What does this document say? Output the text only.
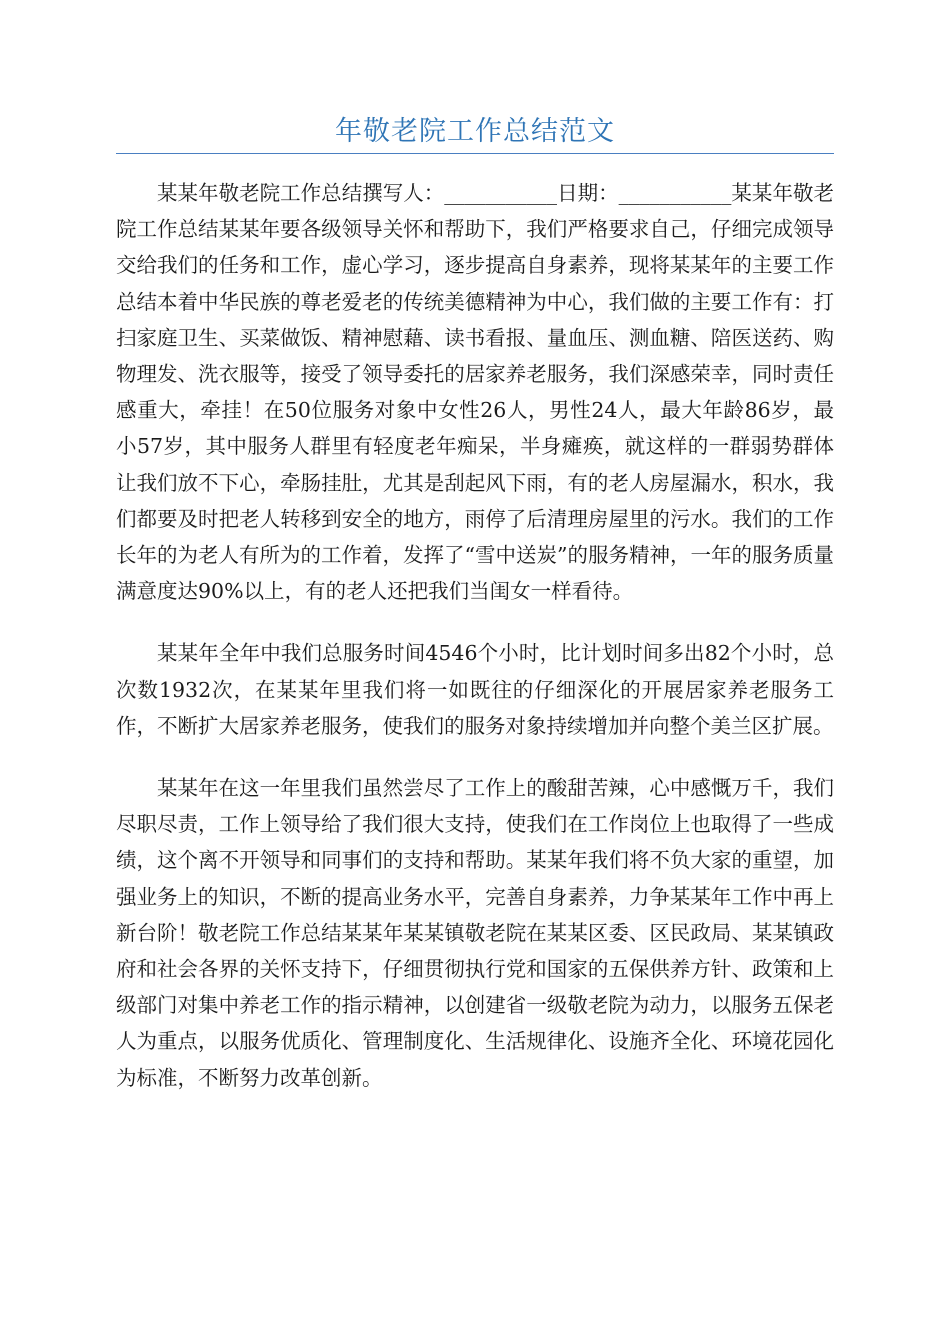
年敬老院工作总结范文

某某年敬老院工作总结撰写人：___________日期：___________某某年敬老院工作总结某某年要各级领导关怀和帮助下，我们严格要求自己，仔细完成领导交给我们的任务和工作，虚心学习，逐步提高自身素养，现将某某年的主要工作总结本着中华民族的尊老爱老的传统美德精神为中心，我们做的主要工作有：打扫家庭卫生、买菜做饭、精神慰藉、读书看报、量血压、测血糖、陪医送药、购物理发、洗衣服等，接受了领导委托的居家养老服务，我们深感荣幸，同时责任感重大，牵挂！在50位服务对象中女性26人，男性24人，最大年龄86岁，最小57岁，其中服务人群里有轻度老年痴呆，半身瘫痪，就这样的一群弱势群体让我们放不下心，牵肠挂肚，尤其是刮起风下雨，有的老人房屋漏水，积水，我们都要及时把老人转移到安全的地方，雨停了后清理房屋里的污水。我们的工作长年的为老人有所为的工作着，发挥了“雪中送炭”的服务精神，一年的服务质量满意度达90%以上，有的老人还把我们当闺女一样看待。

某某年全年中我们总服务时间4546个小时，比计划时间多出82个小时，总次数1932次，在某某年里我们将一如既往的仔细深化的开展居家养老服务工作，不断扩大居家养老服务，使我们的服务对象持续增加并向整个美兰区扩展。

某某年在这一年里我们虽然尝尽了工作上的酸甜苦辣，心中感慨万千，我们尽职尽责，工作上领导给了我们很大支持，使我们在工作岗位上也取得了一些成绩，这个离不开领导和同事们的支持和帮助。某某年我们将不负大家的重望，加强业务上的知识，不断的提高业务水平，完善自身素养，力争某某年工作中再上新台阶！敬老院工作总结某某年某某镇敬老院在某某区委、区民政局、某某镇政府和社会各界的关怀支持下，仔细贯彻执行党和国家的五保供养方针、政策和上级部门对集中养老工作的指示精神，以创建省一级敬老院为动力，以服务五保老人为重点，以服务优质化、管理制度化、生活规律化、设施齐全化、环境花园化为标准，不断努力改革创新。
